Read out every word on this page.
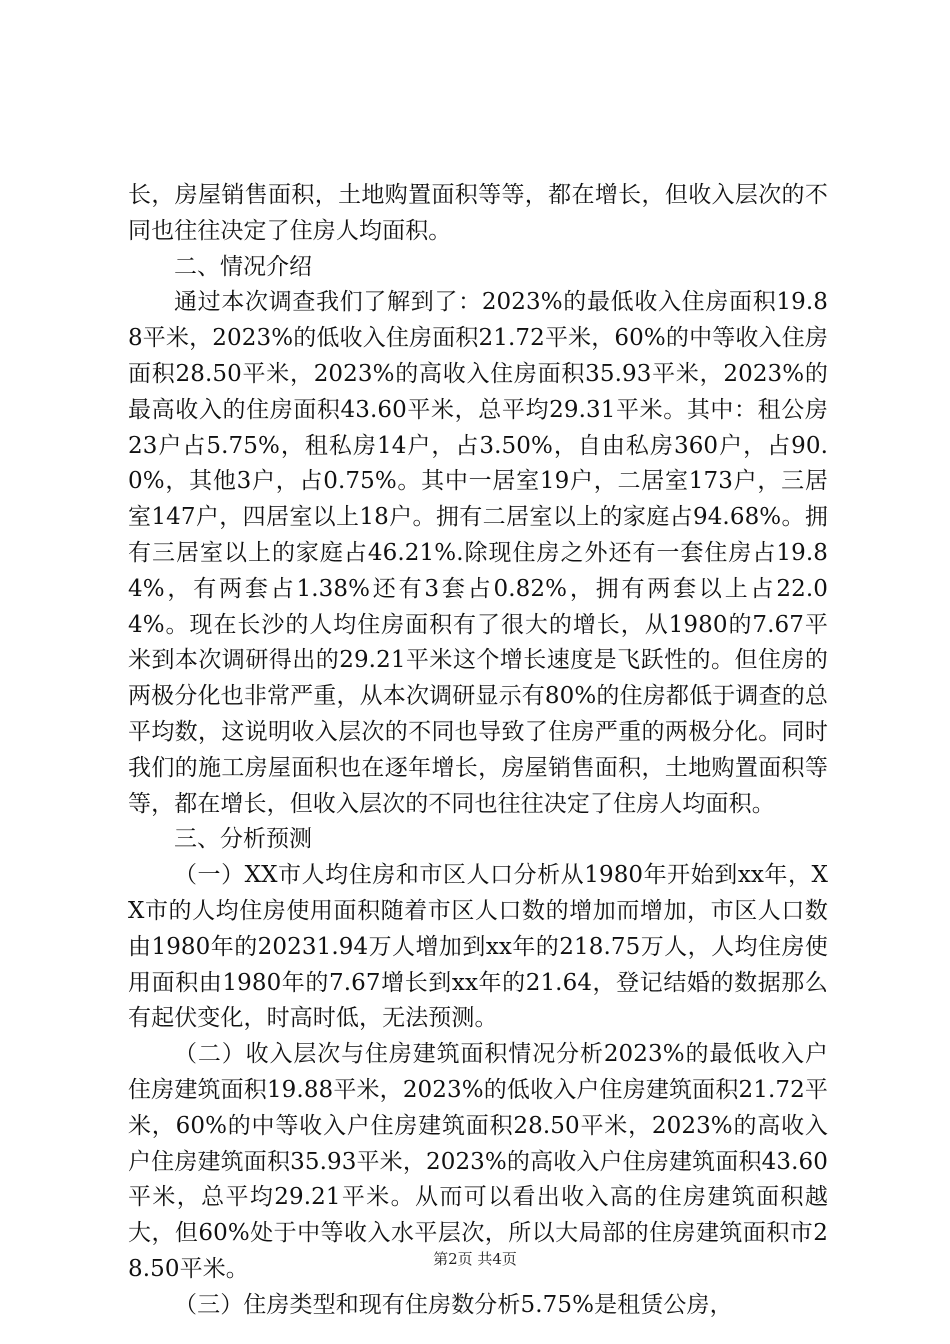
长，房屋销售面积，土地购置面积等等，都在增长，但收入层次的不同也往往决定了住房人均面积。

二、情况介绍

通过本次调查我们了解到了：2023%的最低收入住房面积19.88平米，2023%的低收入住房面积21.72平米，60%的中等收入住房面积28.50平米，2023%的高收入住房面积35.93平米，2023%的最高收入的住房面积43.60平米，总平均29.31平米。其中：租公房23户占5.75%，租私房14户，占3.50%，自由私房360户，占90.0%，其他3户，占0.75%。其中一居室19户，二居室173户，三居室147户，四居室以上18户。拥有二居室以上的家庭占94.68%。拥有三居室以上的家庭占46.21%.除现住房之外还有一套住房占19.84%，有两套占1.38%还有3套占0.82%，拥有两套以上占22.04%。现在长沙的人均住房面积有了很大的增长，从1980的7.67平米到本次调研得出的29.21平米这个增长速度是飞跃性的。但住房的两极分化也非常严重，从本次调研显示有80%的住房都低于调查的总平均数，这说明收入层次的不同也导致了住房严重的两极分化。同时我们的施工房屋面积也在逐年增长，房屋销售面积，土地购置面积等等，都在增长，但收入层次的不同也往往决定了住房人均面积。

三、分析预测

（一）XX市人均住房和市区人口分析从1980年开始到xx年，XX市的人均住房使用面积随着市区人口数的增加而增加，市区人口数由1980年的20231.94万人增加到xx年的218.75万人，人均住房使用面积由1980年的7.67增长到xx年的21.64，登记结婚的数据那么有起伏变化，时高时低，无法预测。

（二）收入层次与住房建筑面积情况分析2023%的最低收入户住房建筑面积19.88平米，2023%的低收入户住房建筑面积21.72平米，60%的中等收入户住房建筑面积28.50平米，2023%的高收入户住房建筑面积35.93平米，2023%的高收入户住房建筑面积43.60平米，总平均29.21平米。从而可以看出收入高的住房建筑面积越大，但60%处于中等收入水平层次，所以大局部的住房建筑面积市28.50平米。

（三）住房类型和现有住房数分析5.75%是租赁公房，

第2页 共4页
